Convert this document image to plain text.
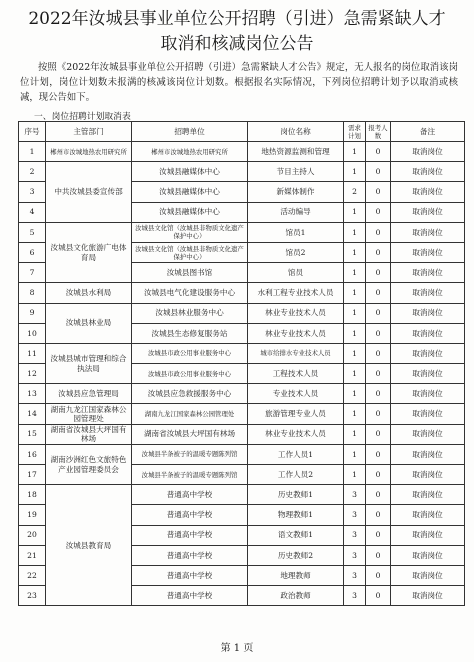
2022年汝城县事业单位公开招聘（引进）急需紧缺人才
取消和核减岗位公告
按照《2022年汝城县事业单位公开招聘（引进）急需紧缺人才公告》规定，无人报名的岗位取消该岗位计划，岗位计划数未报满的核减该岗位计划数。根据报名实际情况，下列岗位招聘计划予以取消或核减，现公告如下。
一、岗位招聘计划取消表
序号	主管部门	招聘单位	岗位名称	需求计划	报考人数	备注
1	郴州市汝城地热农用研究所	郴州市汝城地热农用研究所	地热资源监测和管理	1	0	取消岗位
2	中共汝城县委宣传部	汝城县融媒体中心	节目主持人	1	0	取消岗位
3		汝城县融媒体中心	新媒体制作	2	0	取消岗位
4		汝城县融媒体中心	活动编导	1	0	取消岗位
5	汝城县文化旅游广电体育局	汝城县文化馆（汝城县非物质文化遗产保护中心）	馆员1	1	0	取消岗位
6		汝城县文化馆（汝城县非物质文化遗产保护中心）	馆员2	1	0	取消岗位
7		汝城县图书馆	馆员	1	0	取消岗位
8	汝城县水利局	汝城县电气化建设服务中心	水利工程专业技术人员	1	0	取消岗位
9	汝城县林业局	汝城县林业服务中心	林业专业技术人员	1	0	取消岗位
10		汝城县生态修复服务站	林业专业技术人员	1	0	取消岗位
11	汝城县城市管理和综合执法局	汝城县市政公用事业服务中心	城市给排水专业技术人员	1	0	取消岗位
12		汝城县市政公用事业服务中心	工程技术人员	1	0	取消岗位
13	汝城县应急管理局	汝城县应急救援服务中心	专业技术人员	1	0	取消岗位
14	湖南九龙江国家森林公园管理处	湖南九龙江国家森林公园管理处	旅游管理专业人员	1	0	取消岗位
15	湖南省汝城县大坪国有林场	湖南省汝城县大坪国有林场	林业专业技术人员	1	0	取消岗位
16	湖南沙洲红色文旅特色产业园管理委员会	汝城县半条被子的温暖专题陈列馆	工作人员1	1	0	取消岗位
17		汝城县半条被子的温暖专题陈列馆	工作人员2	1	0	取消岗位
18	汝城县教育局	普通高中学校	历史教师1	3	0	取消岗位
19		普通高中学校	物理教师1	3	0	取消岗位
20		普通高中学校	语文教师1	3	0	取消岗位
21		普通高中学校	历史教师2	3	0	取消岗位
22		普通高中学校	地理教师	3	0	取消岗位
23		普通高中学校	政治教师	3	0	取消岗位
第 1 页
